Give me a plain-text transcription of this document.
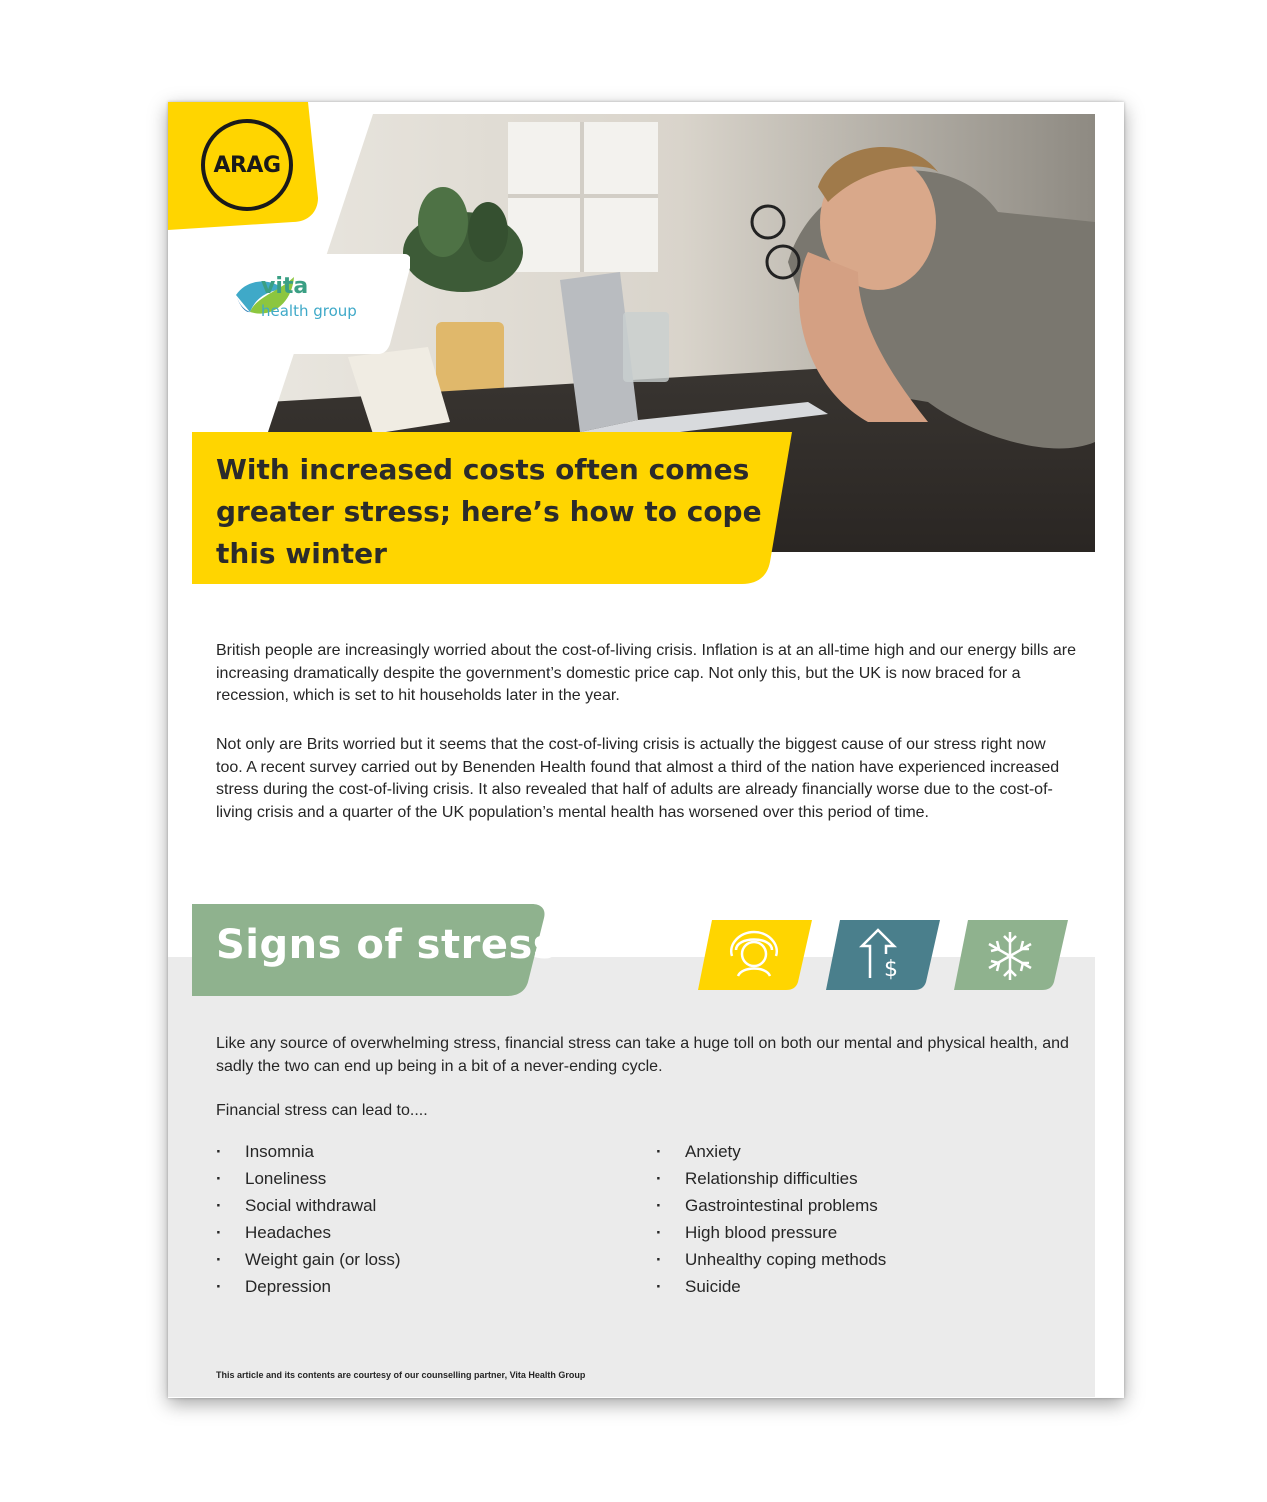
ARAG
vita
health group
With increased costs often comes greater stress; here’s how to cope this winter

British people are increasingly worried about the cost-of-living crisis. Inflation is at an all-time high and our energy bills are increasing dramatically despite the government’s domestic price cap. Not only this, but the UK is now braced for a recession, which is set to hit households later in the year.

Not only are Brits worried but it seems that the cost-of-living crisis is actually the biggest cause of our stress right now too. A recent survey carried out by Benenden Health found that almost a third of the nation have experienced increased stress during the cost-of-living crisis. It also revealed that half of adults are already financially worse due to the cost-of-living crisis and a quarter of the UK population’s mental health has worsened over this period of time.

Signs of stress
$

Like any source of overwhelming stress, financial stress can take a huge toll on both our mental and physical health, and sadly the two can end up being in a bit of a never-ending cycle.

Financial stress can lead to....

· Insomnia
· Loneliness
· Social withdrawal
· Headaches
· Weight gain (or loss)
· Depression
· Anxiety
· Relationship difficulties
· Gastrointestinal problems
· High blood pressure
· Unhealthy coping methods
· Suicide

This article and its contents are courtesy of our counselling partner, Vita Health Group
